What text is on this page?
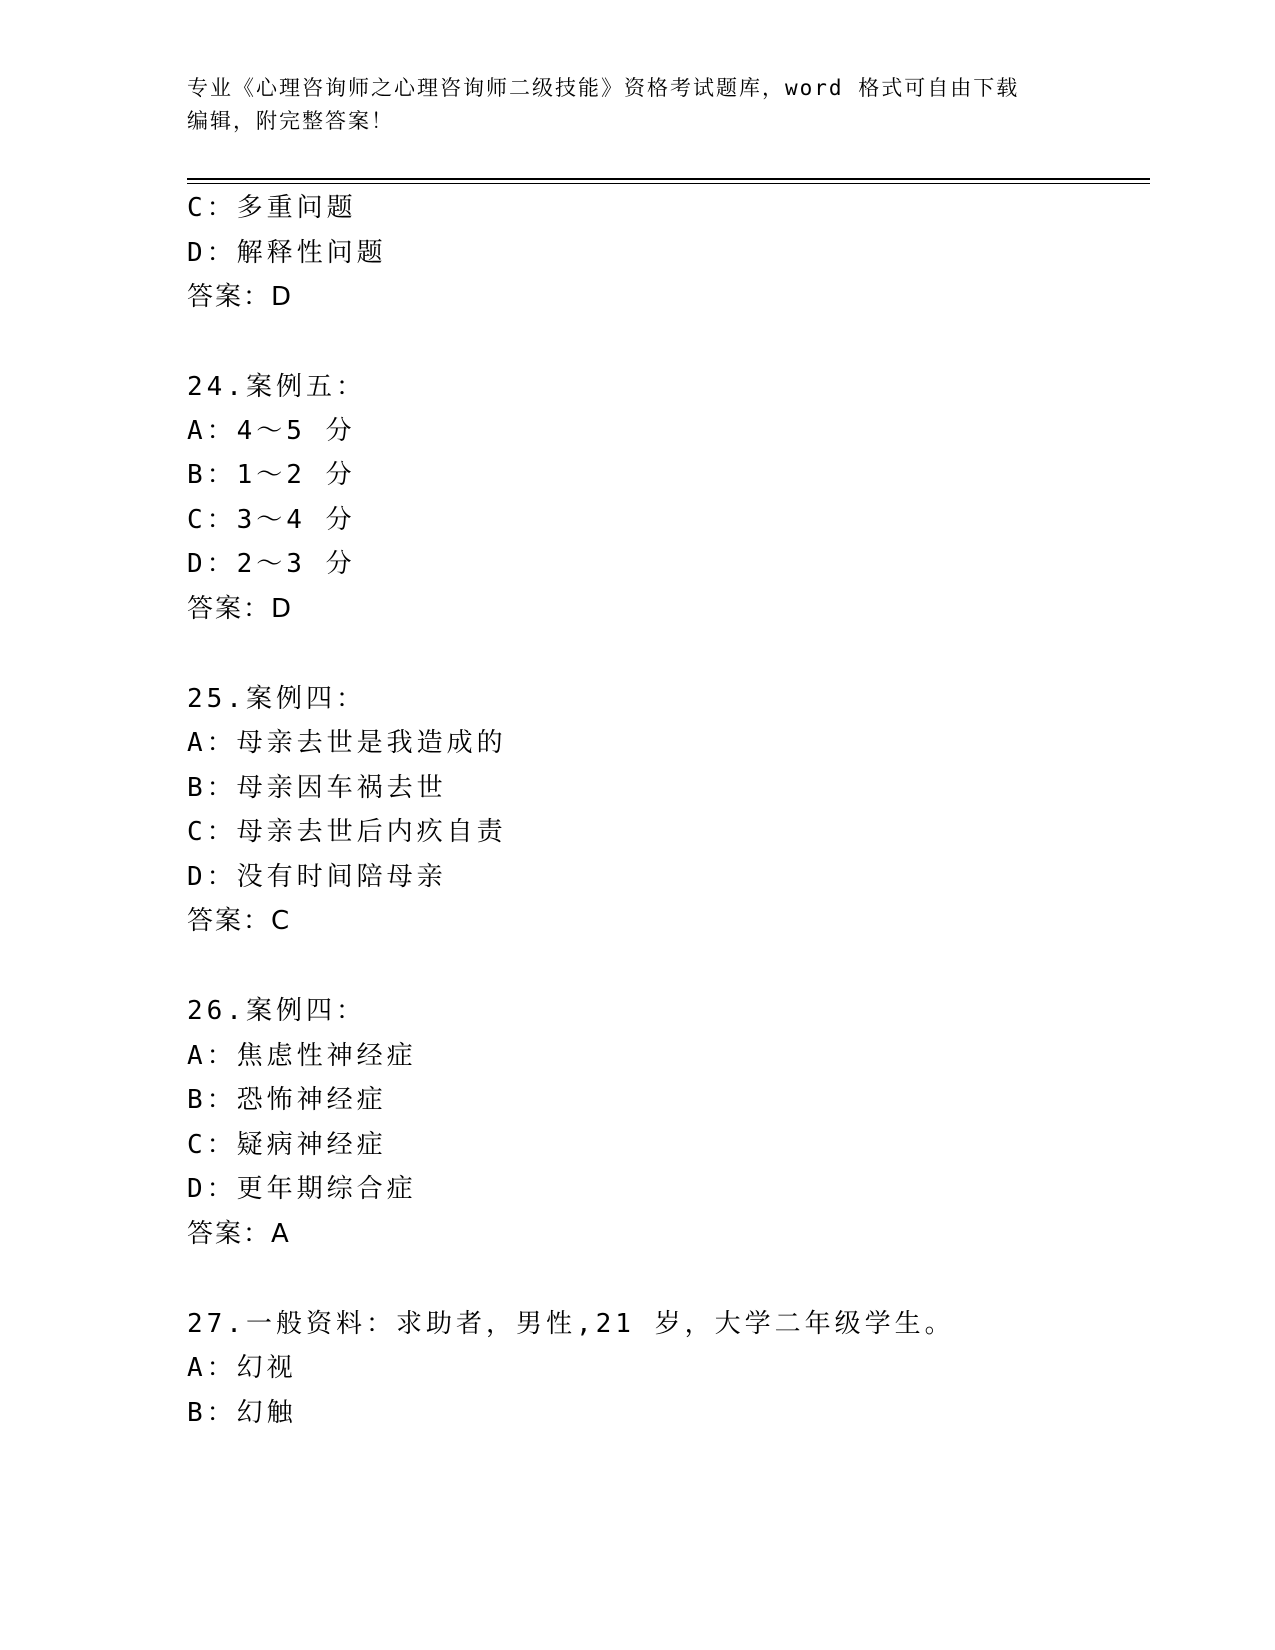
专业《心理咨询师之心理咨询师二级技能》资格考试题库，word 格式可自由下载
编辑，附完整答案！
C：多重问题
D：解释性问题
答案：D
24.案例五：
A：4～5 分
B：1～2 分
C：3～4 分
D：2～3 分
答案：D
25.案例四：
A：母亲去世是我造成的
B：母亲因车祸去世
C：母亲去世后内疚自责
D：没有时间陪母亲
答案：C
26.案例四：
A：焦虑性神经症
B：恐怖神经症
C：疑病神经症
D：更年期综合症
答案：A
27.一般资料：求助者，男性,21 岁，大学二年级学生。
A：幻视
B：幻触
